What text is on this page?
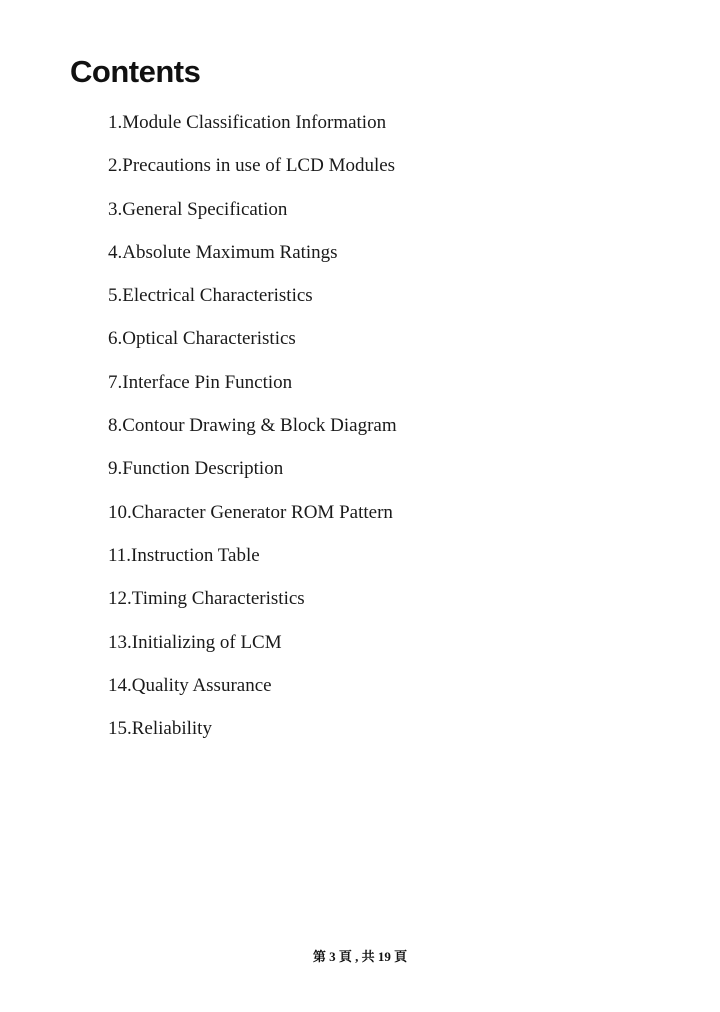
Contents
1.Module Classification Information
2.Precautions in use of LCD Modules
3.General Specification
4.Absolute Maximum Ratings
5.Electrical Characteristics
6.Optical Characteristics
7.Interface Pin Function
8.Contour Drawing & Block Diagram
9.Function Description
10.Character Generator ROM Pattern
11.Instruction Table
12.Timing Characteristics
13.Initializing of LCM
14.Quality Assurance
15.Reliability
第 3 頁 , 共 19 頁
